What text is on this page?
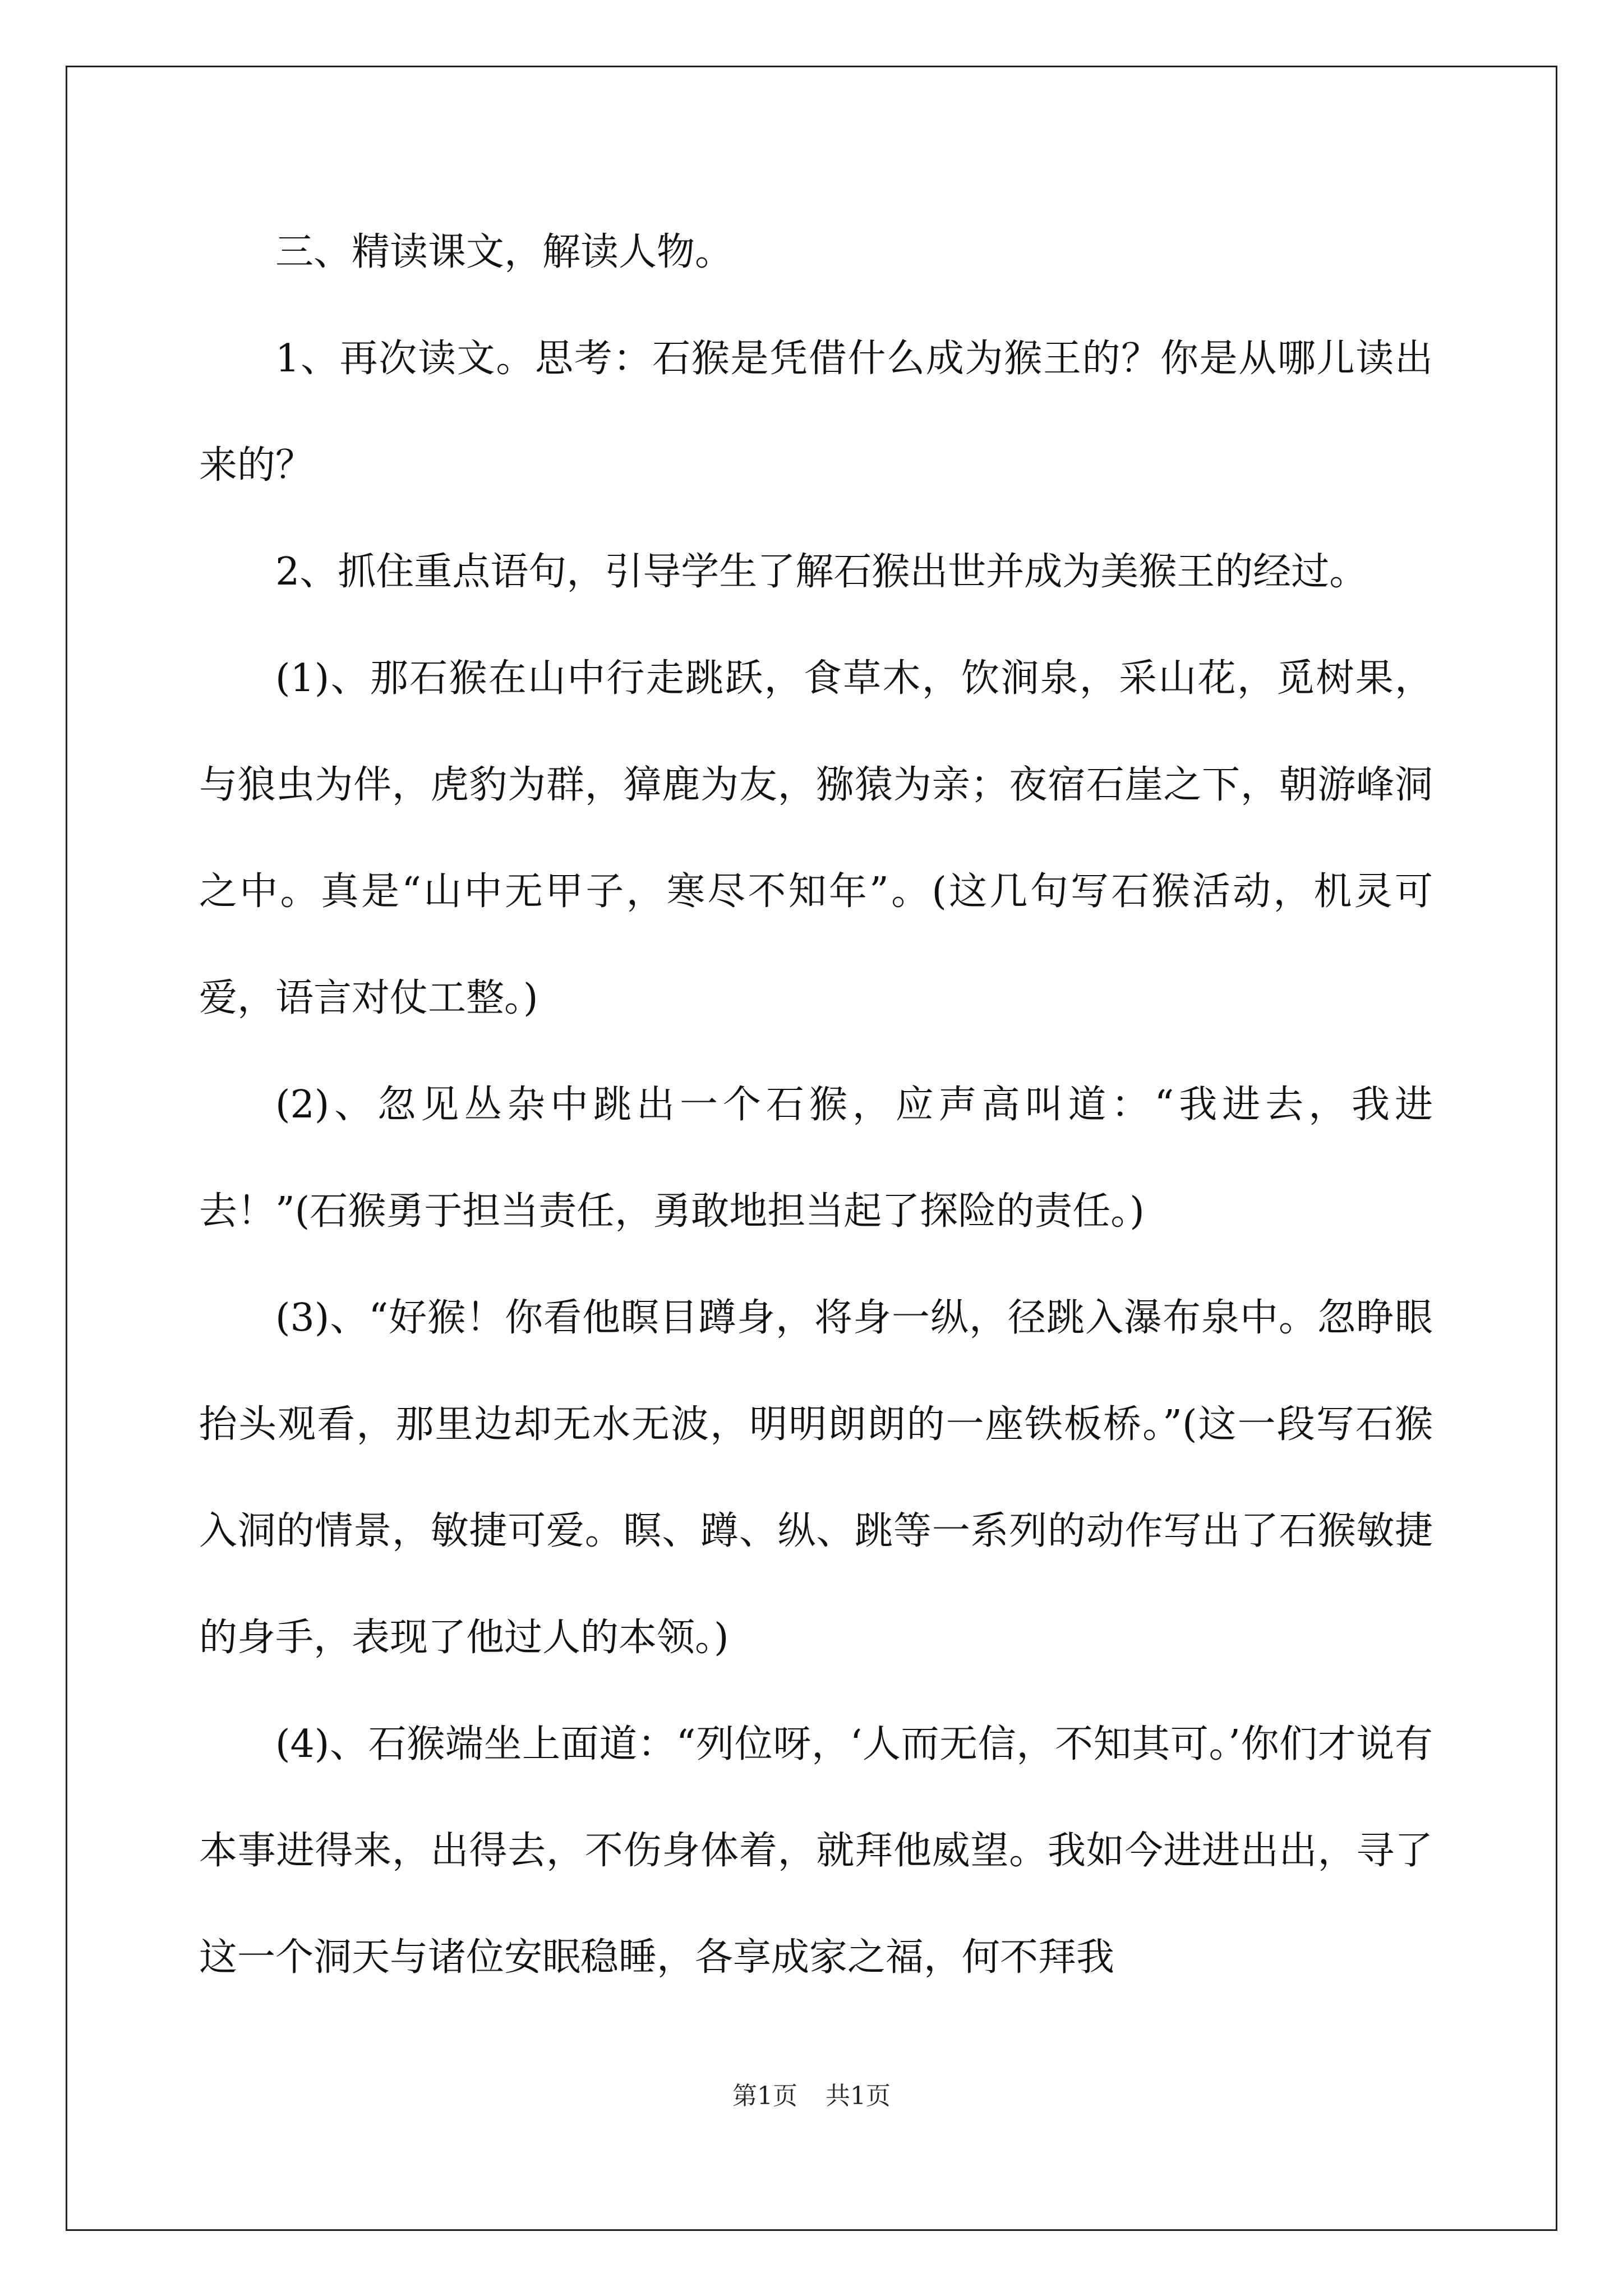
三、精读课文，解读人物。

1、再次读文。思考：石猴是凭借什么成为猴王的？你是从哪儿读出来的？

2、抓住重点语句，引导学生了解石猴出世并成为美猴王的经过。

(1)、那石猴在山中行走跳跃，食草木，饮涧泉，采山花，觅树果，与狼虫为伴，虎豹为群，獐鹿为友，猕猿为亲；夜宿石崖之下，朝游峰洞之中。真是“山中无甲子，寒尽不知年”。(这几句写石猴活动，机灵可爱，语言对仗工整。)

(2)、忽见丛杂中跳出一个石猴，应声高叫道：“我进去，我进去！”(石猴勇于担当责任，勇敢地担当起了探险的责任。)

(3)、“好猴！你看他瞑目蹲身，将身一纵，径跳入瀑布泉中。忽睁眼抬头观看，那里边却无水无波，明明朗朗的一座铁板桥。”(这一段写石猴入洞的情景，敏捷可爱。瞑、蹲、纵、跳等一系列的动作写出了石猴敏捷的身手，表现了他过人的本领。)

(4)、石猴端坐上面道：“列位呀，‘人而无信，不知其可。’你们才说有本事进得来，出得去，不伤身体着，就拜他威望。我如今进进出出，寻了这一个洞天与诸位安眠稳睡，各享成家之福，何不拜我

第1页 共1页
